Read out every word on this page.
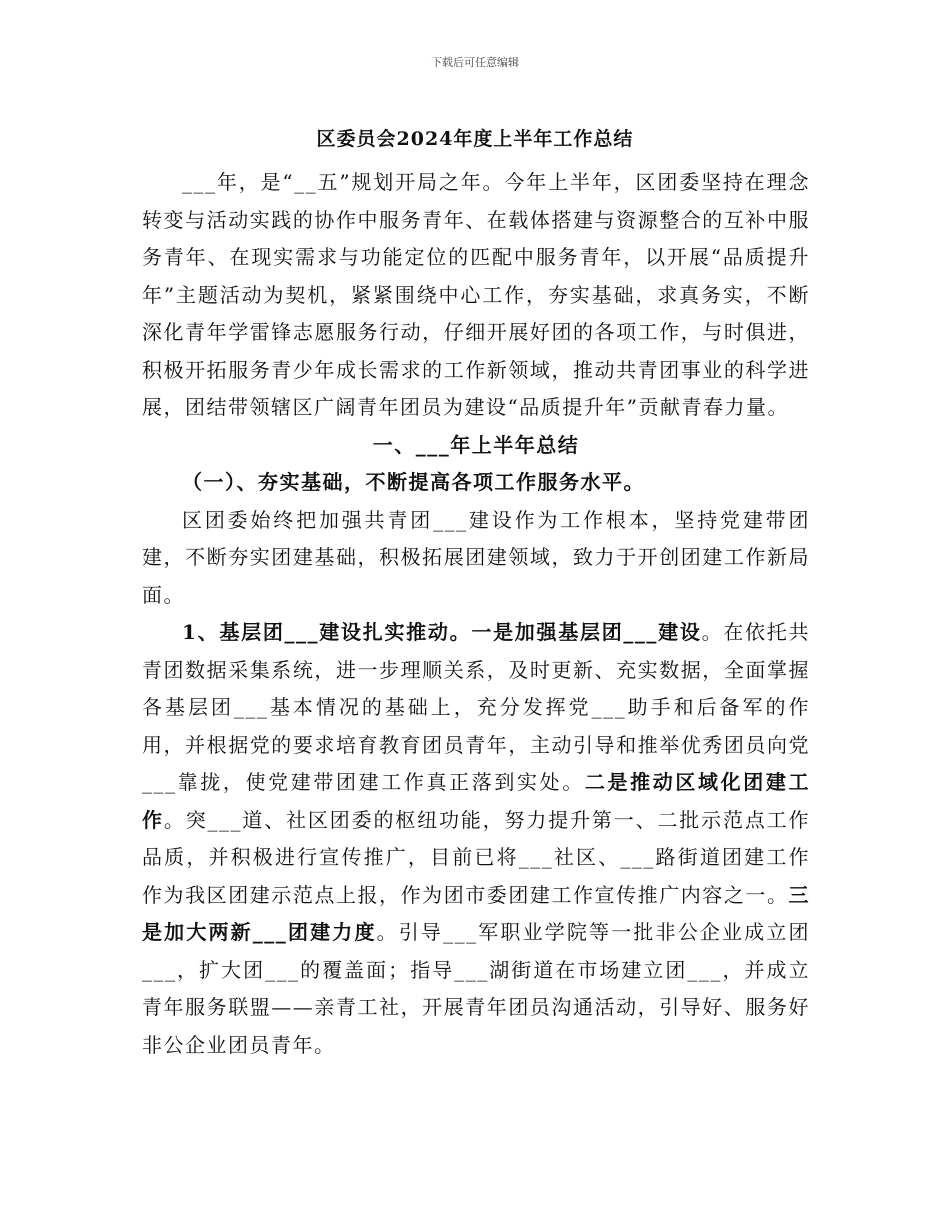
下载后可任意编辑
区委员会2024年度上半年工作总结

___年，是“__五”规划开局之年。今年上半年，区团委坚持在理念转变与活动实践的协作中服务青年、在载体搭建与资源整合的互补中服务青年、在现实需求与功能定位的匹配中服务青年，以开展“品质提升年”主题活动为契机，紧紧围绕中心工作，夯实基础，求真务实，不断深化青年学雷锋志愿服务行动，仔细开展好团的各项工作，与时俱进，积极开拓服务青少年成长需求的工作新领域，推动共青团事业的科学进展，团结带领辖区广阔青年团员为建设“品质提升年”贡献青春力量。

一、___年上半年总结

（一）、夯实基础，不断提高各项工作服务水平。

区团委始终把加强共青团___建设作为工作根本，坚持党建带团建，不断夯实团建基础，积极拓展团建领域，致力于开创团建工作新局面。

1、基层团___建设扎实推动。一是加强基层团___建设。在依托共青团数据采集系统，进一步理顺关系，及时更新、充实数据，全面掌握各基层团___基本情况的基础上，充分发挥党___助手和后备军的作用，并根据党的要求培育教育团员青年，主动引导和推举优秀团员向党___靠拢，使党建带团建工作真正落到实处。二是推动区域化团建工作。突___道、社区团委的枢纽功能，努力提升第一、二批示范点工作品质，并积极进行宣传推广，目前已将___社区、___路街道团建工作作为我区团建示范点上报，作为团市委团建工作宣传推广内容之一。三是加大两新___团建力度。引导___军职业学院等一批非公企业成立团___，扩大团___的覆盖面；指导___湖街道在市场建立团___，并成立青年服务联盟——亲青工社，开展青年团员沟通活动，引导好、服务好非公企业团员青年。
